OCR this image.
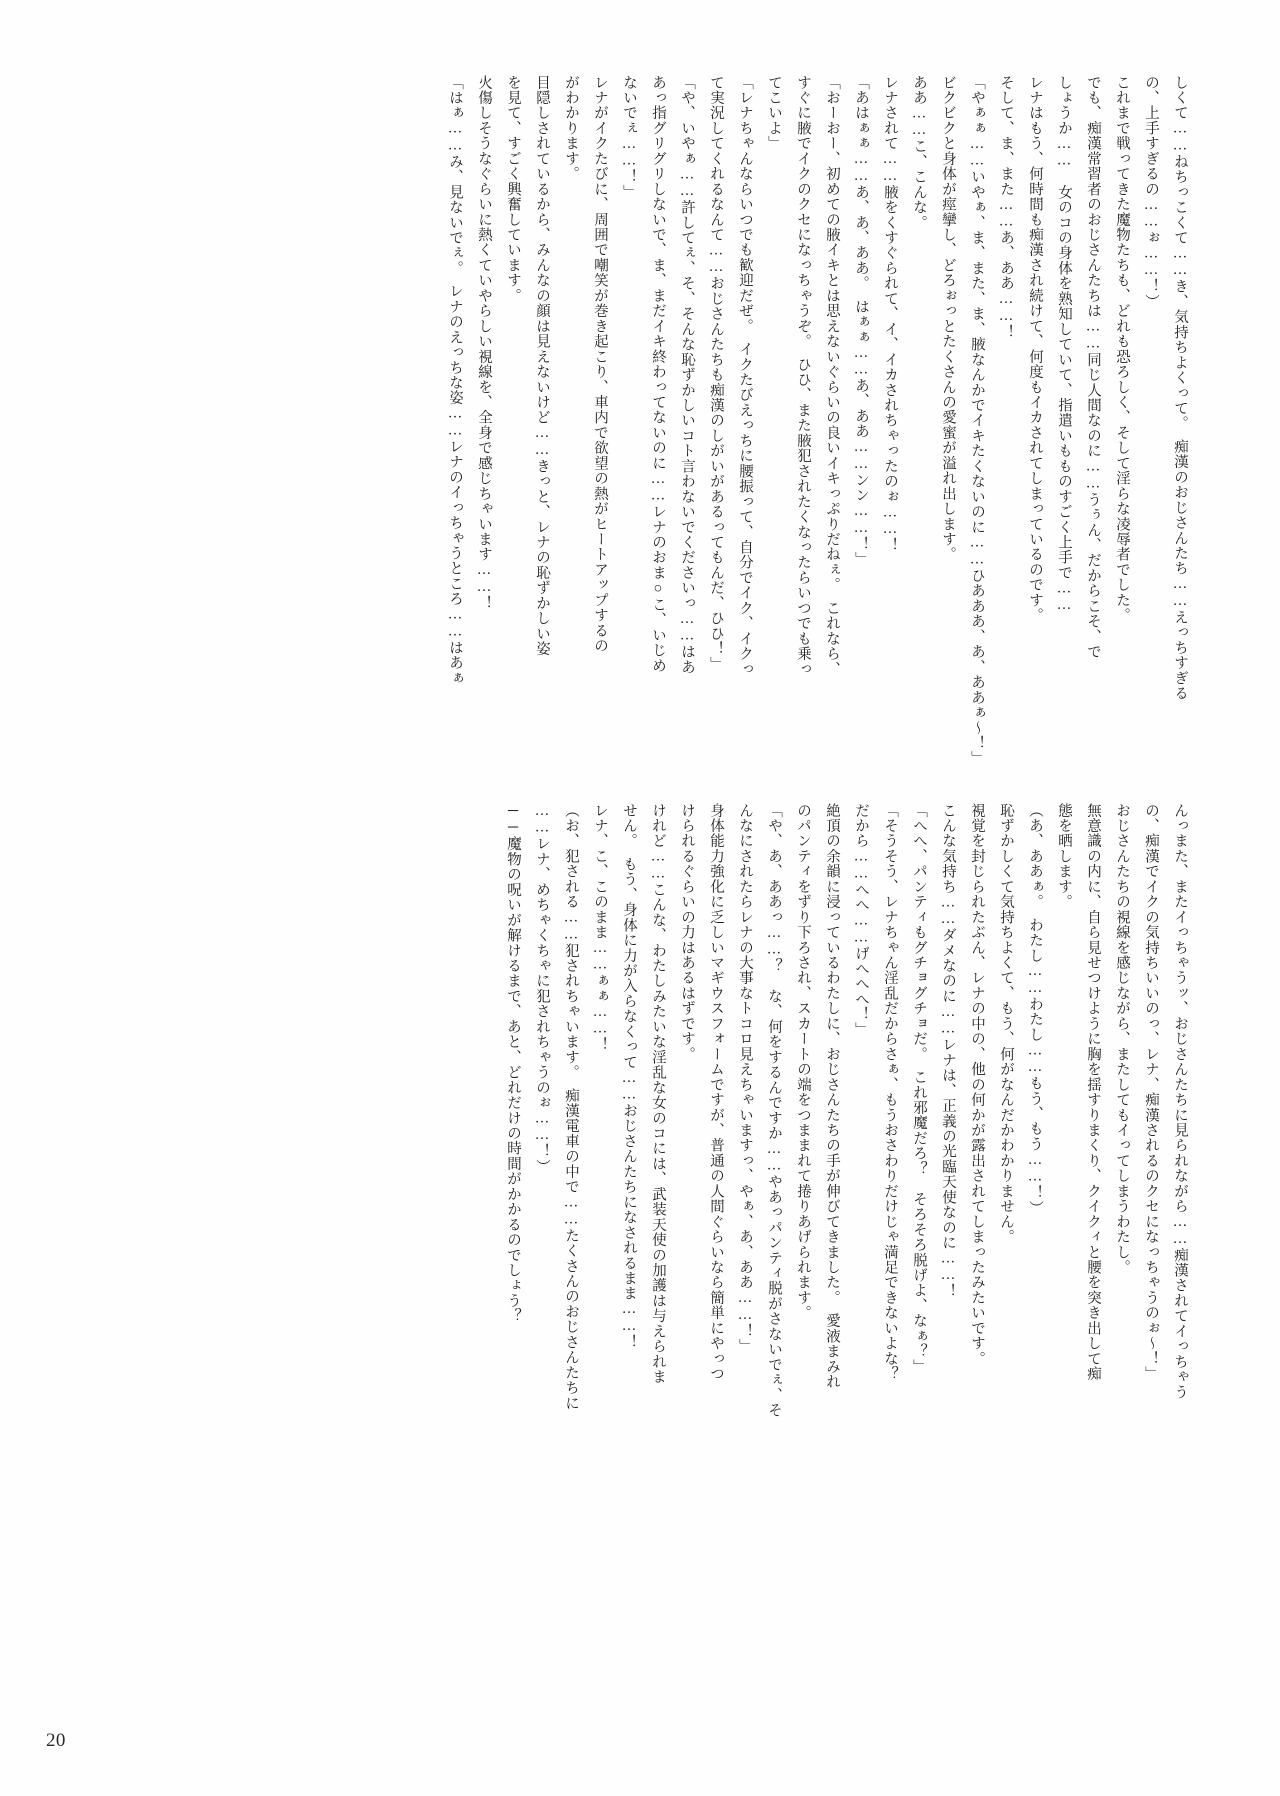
しくて……ねちっこくて……き、気持ちよくって。　痴漢のおじさんたち……えっちすぎる

の、上手すぎるの……ぉ……！）

これまで戦ってきた魔物たちも、どれも恐ろしく、そして淫らな凌辱者でした。

でも、痴漢常習者のおじさんたちは……同じ人間なのに……うぅん、だからこそ、で

しょうか……　女のコの身体を熟知していて、指遣いもものすごく上手で……

レナはもう、何時間も痴漢され続けて、何度もイカされてしまっているのです。

そして、ま、また……あ、ああ……！

「やぁぁ……いやぁ、ま、また、ま、腋なんかでイキたくないのに……ひあああ、あ、ああぁ～！」

ビクビクと身体が痙攣し、どろぉっとたくさんの愛蜜が溢れ出します。

ああ……こ、こんな。

レナされて……腋をくすぐられて、イ、イカされちゃったのぉ……！

「あはぁぁ……あ、あ、ああ。　はぁぁ……あ、ああ……ンン……！」

「おーおー、初めての腋イキとは思えないぐらいの良いイキっぷりだねぇ。　これなら、

すぐに腋でイクのクセになっちゃうぞ。　ひひ、また腋犯されたくなったらいつでも乗っ

てこいよ」

「レナちゃんならいつでも歓迎だぜ。　イクたびえっちに腰振って、自分でイク、イクっ

て実況してくれるなんて……おじさんたちも痴漢のしがいがあるってもんだ、ひひ！」

「や、いやぁ……許してぇ、そ、そんな恥ずかしいコト言わないでくださいっ……はあ

あっ指グリグリしないで、ま、まだイキ終わってないのに……レナのおま○こ、いじめ

ないでぇ……！」

レナがイクたびに、周囲で嘲笑が巻き起こり、車内で欲望の熱がヒートアップするの

がわかります。

目隠しされているから、みんなの顔は見えないけど……きっと、レナの恥ずかしい姿

を見て、すごく興奮しています。

火傷しそうなぐらいに熱くていやらしい視線を、全身で感じちゃいます……！

「はぁ……み、見ないでぇ。　レナのえっちな姿……レナのイっちゃうところ……はあぁ

んっまた、またイっちゃうッ、おじさんたちに見られながら……痴漢されてイっちゃう

の、痴漢でイクの気持ちいいのっ、レナ、痴漢されるのクセになっちゃうのぉ～！」

おじさんたちの視線を感じながら、またしてもイってしまうわたし。

無意識の内に、自ら見せつけように胸を揺すりまくり、クイクィと腰を突き出して痴

態を晒します。

（あ、ああぁ。　わたし……わたし……もう、もう……！）

恥ずかしくて気持ちよくて、もう、何がなんだかわかりません。

視覚を封じられたぶん、レナの中の、他の何かが露出されてしまったみたいです。

こんな気持ち……ダメなのに……レナは、正義の光臨天使なのに……！

「へへ、パンティもグチョグチョだ。　これ邪魔だろ？　そろそろ脱げよ、なぁ？」

「そうそう、レナちゃん淫乱だからさぁ、もうおさわりだけじゃ満足できないよな？

だから……へへ……げへへへ！」

絶頂の余韻に浸っているわたしに、おじさんたちの手が伸びてきました。　愛液まみれ

のパンティをずり下ろされ、スカートの端をつままれて捲りあげられます。

「や、あ、ああっ……？　な、何をするんですか……やあっパンティ脱がさないでぇ、そ

んなにされたらレナの大事なトコロ見えちゃいますっ、やぁ、あ、ああ……！」

身体能力強化に乏しいマギウスフォームですが、普通の人間ぐらいなら簡単にやっつ

けられるぐらいの力はあるはずです。

けれど……こんな、わたしみたいな淫乱な女のコには、武装天使の加護は与えられま

せん。　もう、身体に力が入らなくって……おじさんたちになされるまま……！

レナ、こ、このまま……ぁぁ……！

（お、犯される……犯されちゃいます。　痴漢電車の中で……たくさんのおじさんたちに

……レナ、めちゃくちゃに犯されちゃうのぉ……！）

──魔物の呪いが解けるまで、あと、どれだけの時間がかかるのでしょう？

20
